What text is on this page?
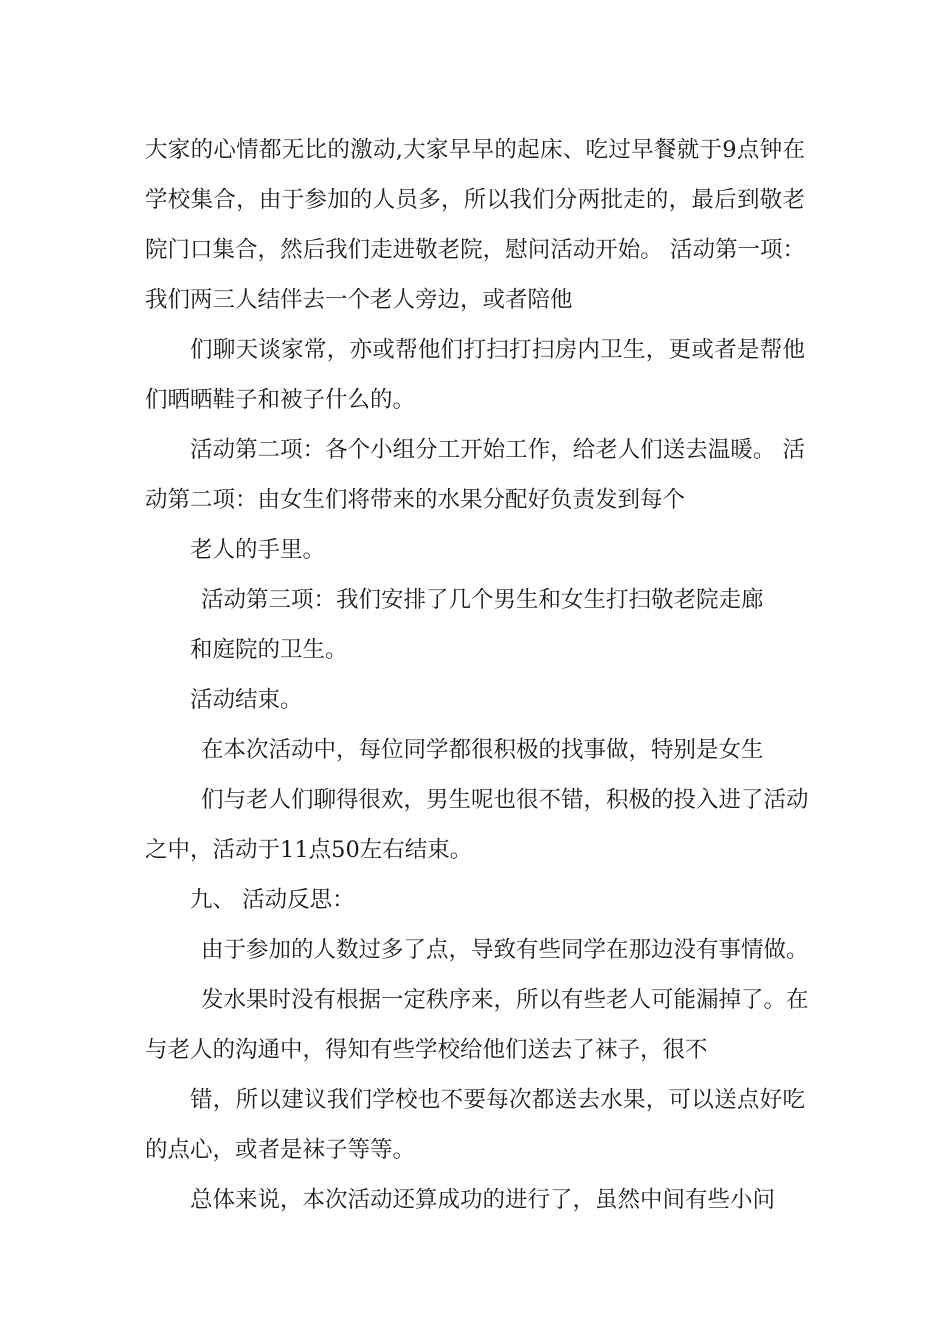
大家的心情都无比的激动,大家早早的起床、吃过早餐就于9点钟在

学校集合，由于参加的人员多，所以我们分两批走的，最后到敬老

院门口集合，然后我们走进敬老院，慰问活动开始。 活动第一项：

我们两三人结伴去一个老人旁边，或者陪他

们聊天谈家常，亦或帮他们打扫打扫房内卫生，更或者是帮他

们晒晒鞋子和被子什么的。

活动第二项：各个小组分工开始工作，给老人们送去温暖。 活

动第二项：由女生们将带来的水果分配好负责发到每个

老人的手里。

活动第三项：我们安排了几个男生和女生打扫敬老院走廊

和庭院的卫生。

活动结束。

在本次活动中，每位同学都很积极的找事做，特别是女生

们与老人们聊得很欢，男生呢也很不错，积极的投入进了活动

之中，活动于11点50左右结束。

九、 活动反思：

由于参加的人数过多了点，导致有些同学在那边没有事情做。

发水果时没有根据一定秩序来，所以有些老人可能漏掉了。在

与老人的沟通中，得知有些学校给他们送去了袜子，很不

错，所以建议我们学校也不要每次都送去水果，可以送点好吃

的点心，或者是袜子等等。

总体来说，本次活动还算成功的进行了，虽然中间有些小问
